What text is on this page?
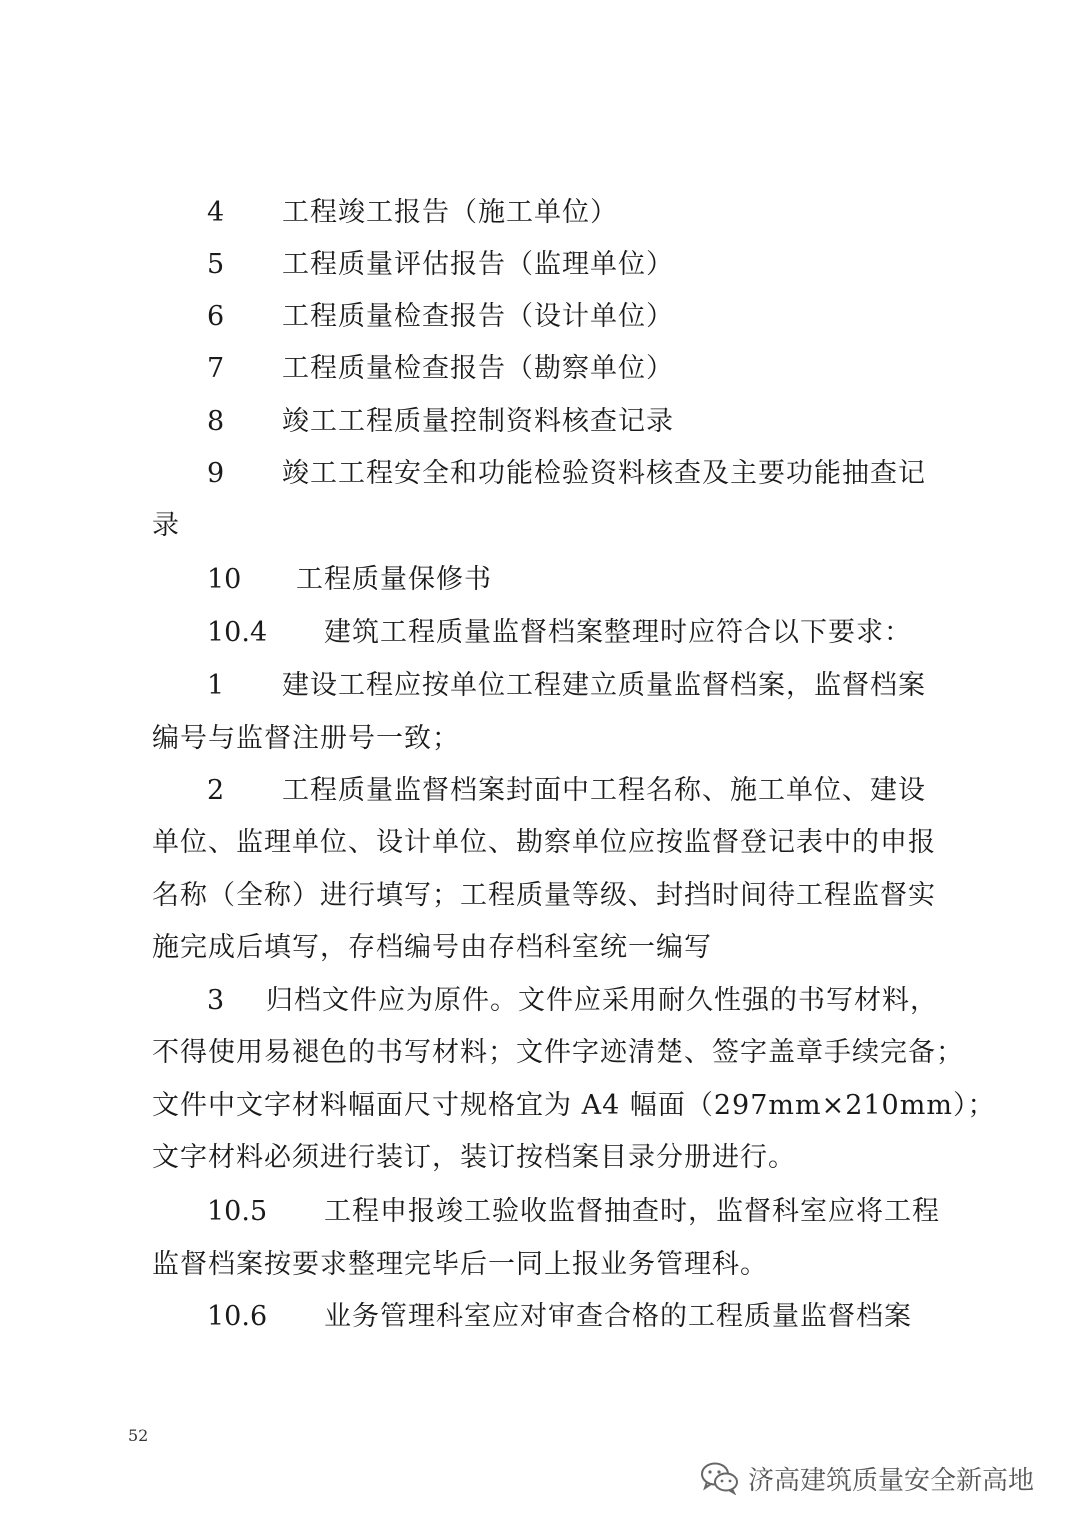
4 工程竣工报告（施工单位）
5 工程质量评估报告（监理单位）
6 工程质量检查报告（设计单位）
7 工程质量检查报告（勘察单位）
8 竣工工程质量控制资料核查记录
9 竣工工程安全和功能检验资料核查及主要功能抽查记
录
10 工程质量保修书
10.4 建筑工程质量监督档案整理时应符合以下要求：
1 建设工程应按单位工程建立质量监督档案，监督档案
编号与监督注册号一致；
2 工程质量监督档案封面中工程名称、施工单位、建设
单位、监理单位、设计单位、勘察单位应按监督登记表中的申报
名称（全称）进行填写；工程质量等级、封挡时间待工程监督实
施完成后填写，存档编号由存档科室统一编写
3 归档文件应为原件。文件应采用耐久性强的书写材料，
不得使用易褪色的书写材料；文件字迹清楚、签字盖章手续完备；
文件中文字材料幅面尺寸规格宜为 A4 幅面（297mm×210mm）；
文字材料必须进行装订，装订按档案目录分册进行。
10.5 工程申报竣工验收监督抽查时，监督科室应将工程
监督档案按要求整理完毕后一同上报业务管理科。
10.6 业务管理科室应对审查合格的工程质量监督档案
52
济高建筑质量安全新高地
